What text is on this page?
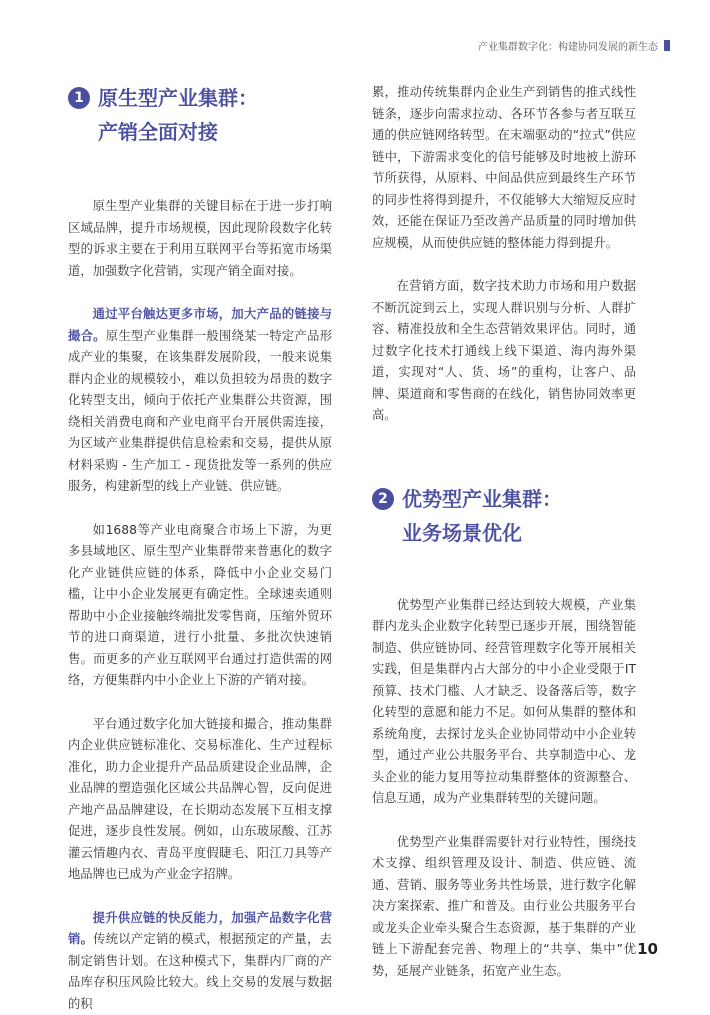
产业集群数字化：构建协同发展的新生态
1 原生型产业集群：
产销全面对接

原生型产业集群的关键目标在于进一步打响区域品牌，提升市场规模，因此现阶段数字化转型的诉求主要在于利用互联网平台等拓宽市场渠道，加强数字化营销，实现产销全面对接。

通过平台触达更多市场，加大产品的链接与撮合。原生型产业集群一般围绕某一特定产品形成产业的集聚，在该集群发展阶段，一般来说集群内企业的规模较小，难以负担较为昂贵的数字化转型支出，倾向于依托产业集群公共资源，围绕相关消费电商和产业电商平台开展供需连接，为区域产业集群提供信息检索和交易，提供从原材料采购 - 生产加工 - 现货批发等一系列的供应服务，构建新型的线上产业链、供应链。

如1688等产业电商聚合市场上下游，为更多县域地区、原生型产业集群带来普惠化的数字化产业链供应链的体系，降低中小企业交易门槛，让中小企业发展更有确定性。全球速卖通则帮助中小企业接触终端批发零售商，压缩外贸环节的进口商渠道，进行小批量、多批次快速销售。而更多的产业互联网平台通过打造供需的网络，方便集群内中小企业上下游的产销对接。

平台通过数字化加大链接和撮合，推动集群内企业供应链标准化、交易标准化、生产过程标准化，助力企业提升产品品质建设企业品牌，企业品牌的塑造强化区域公共品牌心智，反向促进产地产品品牌建设，在长期动态发展下互相支撑促进，逐步良性发展。例如，山东玻尿酸、江苏灌云情趣内衣、青岛平度假睫毛、阳江刀具等产地品牌也已成为产业金字招牌。

提升供应链的快反能力，加强产品数字化营销。传统以产定销的模式，根据预定的产量，去制定销售计划。在这种模式下，集群内厂商的产品库存积压风险比较大。线上交易的发展与数据的积

累，推动传统集群内企业生产到销售的推式线性链条，逐步向需求拉动、各环节各参与者互联互通的供应链网络转型。在末端驱动的“拉式”供应链中，下游需求变化的信号能够及时地被上游环节所获得，从原料、中间品供应到最终生产环节的同步性将得到提升，不仅能够大大缩短反应时效，还能在保证乃至改善产品质量的同时增加供应规模，从而使供应链的整体能力得到提升。

在营销方面，数字技术助力市场和用户数据不断沉淀到云上，实现人群识别与分析、人群扩容、精准投放和全生态营销效果评估。同时，通过数字化技术打通线上线下渠道、海内海外渠道，实现对“人、货、场”的重构，让客户、品牌、渠道商和零售商的在线化，销售协同效率更高。

2 优势型产业集群：
业务场景优化

优势型产业集群已经达到较大规模，产业集群内龙头企业数字化转型已逐步开展，围绕智能制造、供应链协同、经营管理数字化等开展相关实践，但是集群内占大部分的中小企业受限于IT预算、技术门槛、人才缺乏、设备落后等，数字化转型的意愿和能力不足。如何从集群的整体和系统角度，去探讨龙头企业协同带动中小企业转型，通过产业公共服务平台、共享制造中心、龙头企业的能力复用等拉动集群整体的资源整合、信息互通，成为产业集群转型的关键问题。

优势型产业集群需要针对行业特性，围绕技术支撑、组织管理及设计、制造、供应链、流通、营销、服务等业务共性场景，进行数字化解决方案探索、推广和普及。由行业公共服务平台或龙头企业牵头聚合生态资源，基于集群的产业链上下游配套完善、物理上的“共享、集中”优势，延展产业链条，拓宽产业生态。

10
